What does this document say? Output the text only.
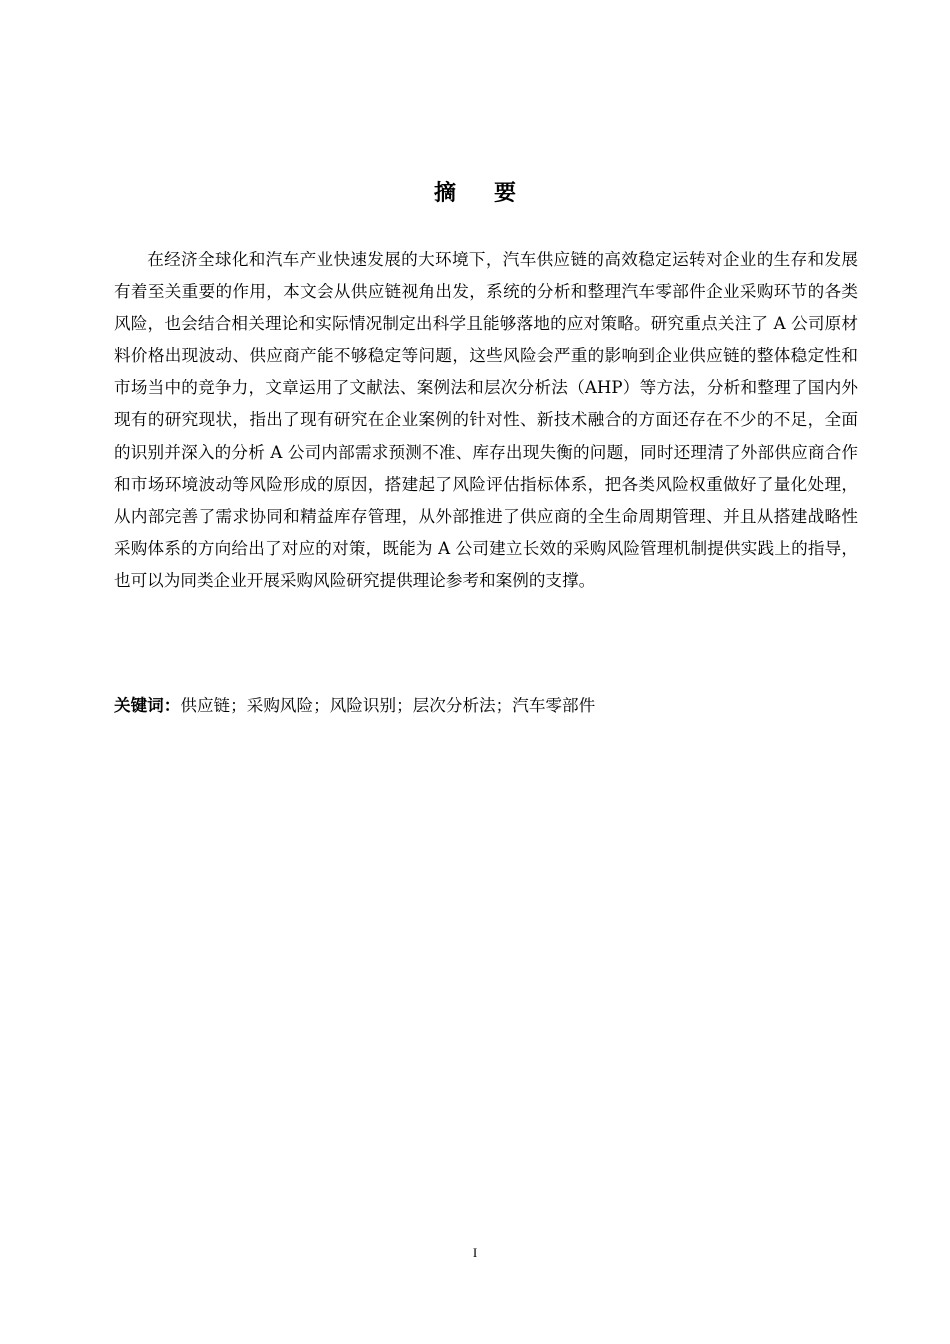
摘要

在经济全球化和汽车产业快速发展的大环境下，汽车供应链的高效稳定运转对企业的生存和发展有着至关重要的作用，本文会从供应链视角出发，系统的分析和整理汽车零部件企业采购环节的各类风险，也会结合相关理论和实际情况制定出科学且能够落地的应对策略。研究重点关注了 A 公司原材料价格出现波动、供应商产能不够稳定等问题，这些风险会严重的影响到企业供应链的整体稳定性和市场当中的竞争力，文章运用了文献法、案例法和层次分析法（AHP）等方法，分析和整理了国内外现有的研究现状，指出了现有研究在企业案例的针对性、新技术融合的方面还存在不少的不足，全面的识别并深入的分析 A 公司内部需求预测不准、库存出现失衡的问题，同时还理清了外部供应商合作和市场环境波动等风险形成的原因，搭建起了风险评估指标体系，把各类风险权重做好了量化处理，从内部完善了需求协同和精益库存管理，从外部推进了供应商的全生命周期管理、并且从搭建战略性采购体系的方向给出了对应的对策，既能为 A 公司建立长效的采购风险管理机制提供实践上的指导，也可以为同类企业开展采购风险研究提供理论参考和案例的支撑。

关键词：供应链；采购风险；风险识别；层次分析法；汽车零部件

I
